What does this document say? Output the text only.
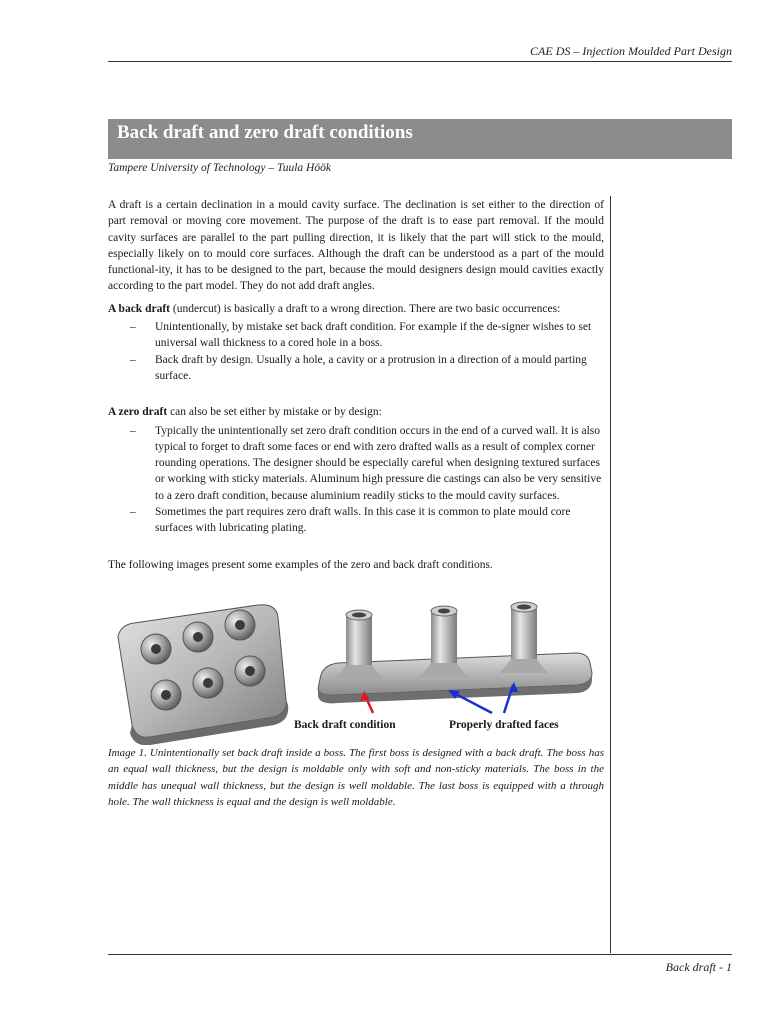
CAE DS – Injection Moulded Part Design
Back draft and zero draft conditions
Tampere University of Technology – Tuula Höök

A draft is a certain declination in a mould cavity surface. The declination is set either to the direction of part removal or moving core movement. The purpose of the draft is to ease part removal. If the mould cavity surfaces are parallel to the part pulling direction, it is likely that the part will stick to the mould, especially likely on to mould core surfaces. Although the draft can be understood as a part of the mould functional-ity, it has to be designed to the part, because the mould designers design mould cavities exactly according to the part model. They do not add draft angles.

A back draft (undercut) is basically a draft to a wrong direction. There are two basic occurrences:

– Unintentionally, by mistake set back draft condition. For example if the de-signer wishes to set universal wall thickness to a cored hole in a boss.
– Back draft by design. Usually a hole, a cavity or a protrusion in a direction of a mould parting surface.

A zero draft can also be set either by mistake or by design:

– Typically the unintentionally set zero draft condition occurs in the end of a curved wall. It is also typical to forget to draft some faces or end with zero drafted walls as a result of complex corner rounding operations. The designer should be especially careful when designing textured surfaces or working with sticky materials. Aluminum high pressure die castings can also be very sensitive to a zero draft condition, because aluminium readily sticks to the mould cavity surfaces.
– Sometimes the part requires zero draft walls. In this case it is common to plate mould core surfaces with lubricating plating.

The following images present some examples of the zero and back draft conditions.

Back draft condition	Properly drafted faces

Image 1. Unintentionally set back draft inside a boss. The first boss is designed with a back draft. The boss has an equal wall thickness, but the design is moldable only with soft and non-sticky materials. The boss in the middle has unequal wall thickness, but the design is well moldable. The last boss is equipped with a through hole. The wall thickness is equal and the design is well moldable.

Back draft - 1
